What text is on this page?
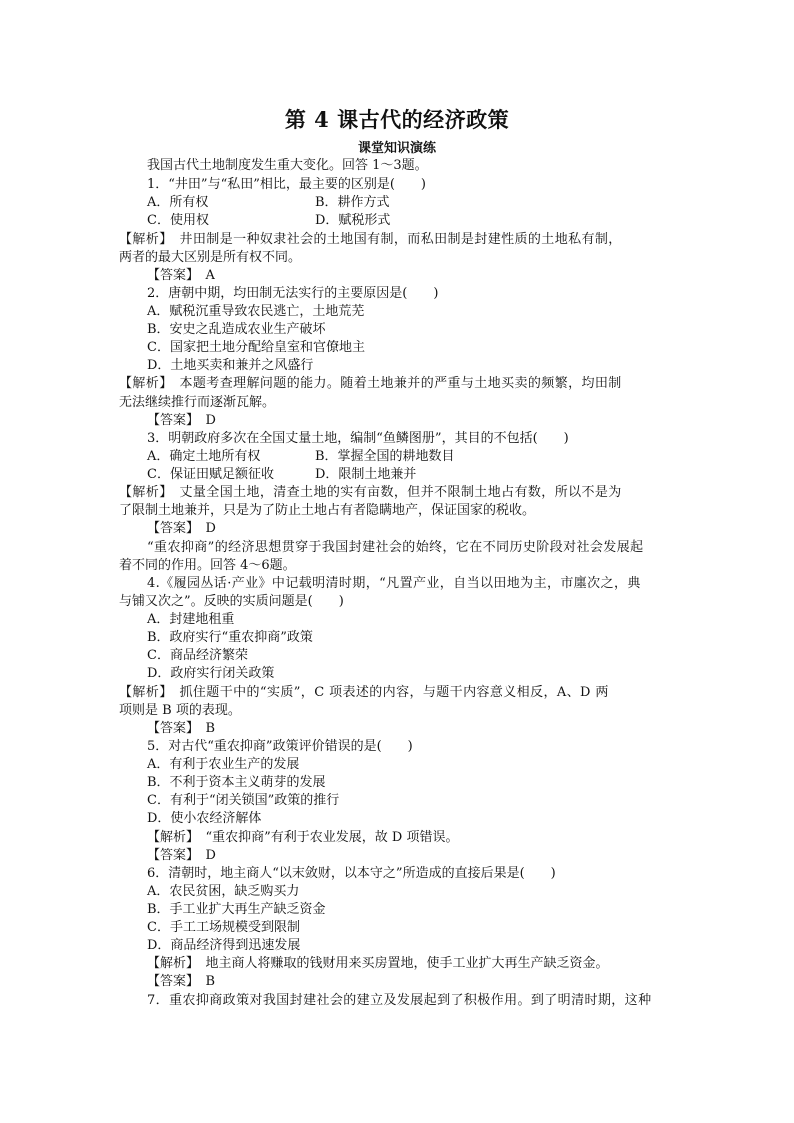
第 4 课古代的经济政策
课堂知识演练
我国古代土地制度发生重大变化。回答 1～3题。
1．“井田”与“私田”相比，最主要的区别是(　　)
A．所有权	B．耕作方式
C．使用权	D．赋税形式
【解析】　井田制是一种奴隶社会的土地国有制，而私田制是封建性质的土地私有制，
两者的最大区别是所有权不同。
【答案】　A
2．唐朝中期，均田制无法实行的主要原因是(　　)
A．赋税沉重导致农民逃亡，土地荒芜
B．安史之乱造成农业生产破坏
C．国家把土地分配给皇室和官僚地主
D．土地买卖和兼并之风盛行
【解析】　本题考查理解问题的能力。随着土地兼并的严重与土地买卖的频繁，均田制
无法继续推行而逐渐瓦解。
【答案】　D
3．明朝政府多次在全国丈量土地，编制“鱼鳞图册”，其目的不包括(　　)
A．确定土地所有权	B．掌握全国的耕地数目
C．保证田赋足额征收	D．限制土地兼并
【解析】　丈量全国土地，清查土地的实有亩数，但并不限制土地占有数，所以不是为
了限制土地兼并，只是为了防止土地占有者隐瞒地产，保证国家的税收。
【答案】　D
“重农抑商”的经济思想贯穿于我国封建社会的始终，它在不同历史阶段对社会发展起
着不同的作用。回答 4～6题。
4.《履园丛话·产业》中记载明清时期，“凡置产业，自当以田地为主，市廛次之，典
与铺又次之”。反映的实质问题是(　　)
A．封建地租重
B．政府实行“重农抑商”政策
C．商品经济繁荣
D．政府实行闭关政策
【解析】　抓住题干中的“实质”，C 项表述的内容，与题干内容意义相反，A、D 两
项则是 B 项的表现。
【答案】　B
5．对古代“重农抑商”政策评价错误的是(　　)
A．有利于农业生产的发展
B．不利于资本主义萌芽的发展
C．有利于“闭关锁国”政策的推行
D．使小农经济解体
【解析】　“重农抑商”有利于农业发展，故 D 项错误。
【答案】　D
6．清朝时，地主商人“以末敛财，以本守之”所造成的直接后果是(　　)
A．农民贫困，缺乏购买力
B．手工业扩大再生产缺乏资金
C．手工工场规模受到限制
D．商品经济得到迅速发展
【解析】　地主商人将赚取的钱财用来买房置地，使手工业扩大再生产缺乏资金。
【答案】　B
7．重农抑商政策对我国封建社会的建立及发展起到了积极作用。到了明清时期，这种
